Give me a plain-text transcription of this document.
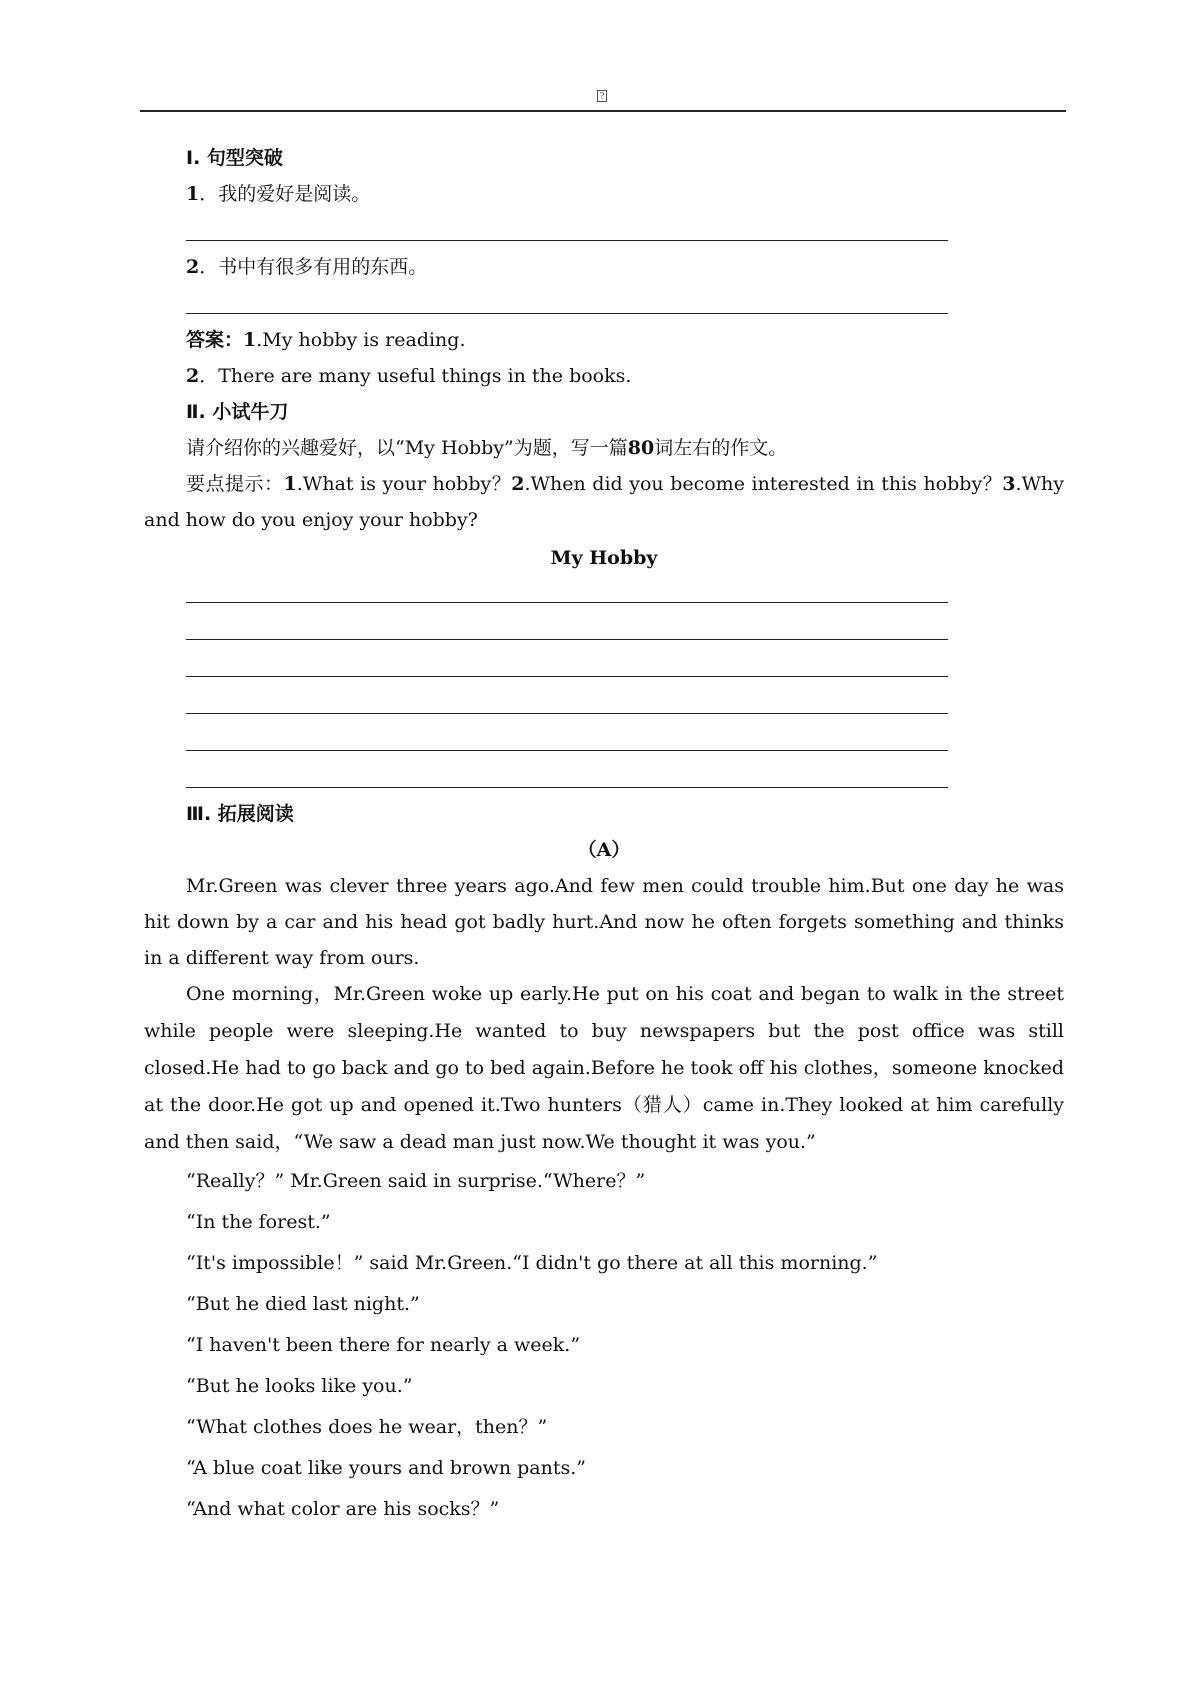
?

Ⅰ. 句型突破

1．我的爱好是阅读。

2．书中有很多有用的东西。

答案：1.My hobby is reading.

2．There are many useful things in the books.

Ⅱ. 小试牛刀

请介绍你的兴趣爱好，以“My Hobby”为题，写一篇80词左右的作文。

要点提示：1.What is your hobby？2.When did you become interested in this hobby？3.Why and how do you enjoy your hobby?

My Hobby

Ⅲ. 拓展阅读

（A）

Mr.Green was clever three years ago.And few men could trouble him.But one day he was hit down by a car and his head got badly hurt.And now he often forgets something and thinks in a different way from ours.

One morning，Mr.Green woke up early.He put on his coat and began to walk in the street while people were sleeping.He wanted to buy newspapers but the post office was still closed.He had to go back and go to bed again.Before he took off his clothes，someone knocked at the door.He got up and opened it.Two hunters（猎人）came in.They looked at him carefully and then said，“We saw a dead man just now.We thought it was you.”

“Really？” Mr.Green said in surprise.“Where？”

“In the forest.”

“It's impossible！” said Mr.Green.“I didn't go there at all this morning.”

“But he died last night.”

“I haven't been there for nearly a week.”

“But he looks like you.”

“What clothes does he wear，then？”

“A blue coat like yours and brown pants.”

“And what color are his socks？”
